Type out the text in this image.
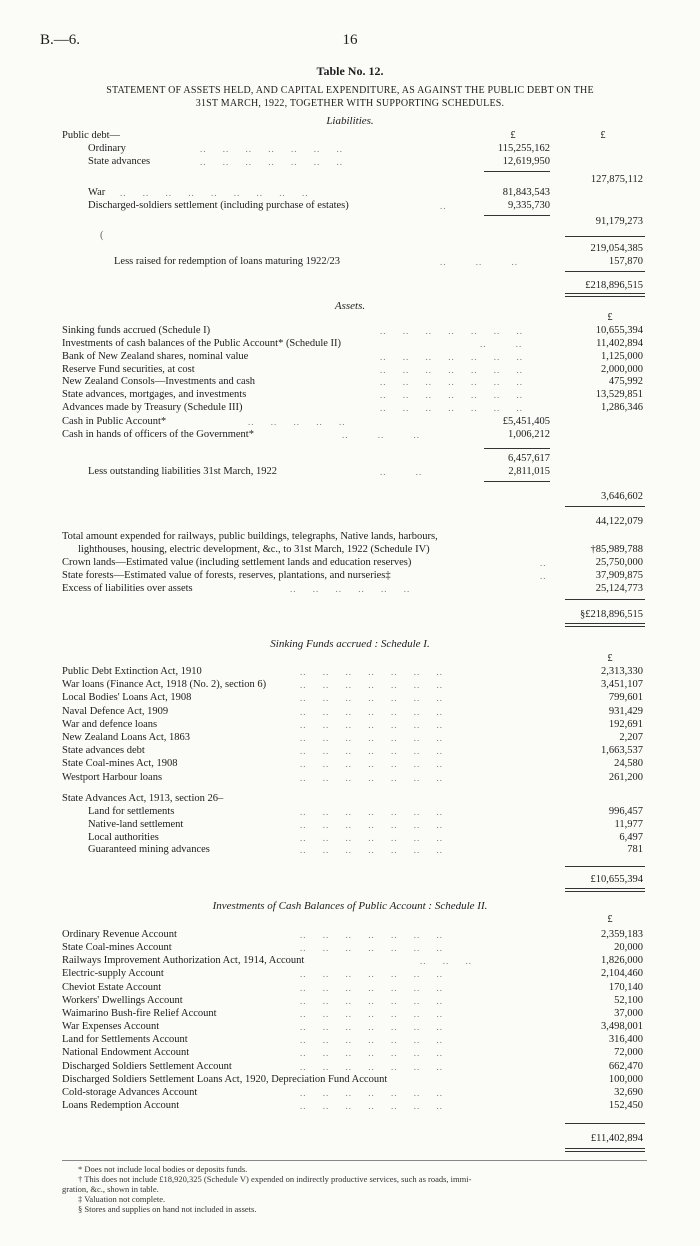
B.—6.	16
Table No. 12.
STATEMENT OF ASSETS HELD, AND CAPITAL EXPENDITURE, AS AGAINST THE PUBLIC DEBT ON THE
31ST MARCH, 1922, TOGETHER WITH SUPPORTING SCHEDULES.
Liabilities.
Public debt—	£	£
Ordinary	..     ..     ..     ..     ..     ..     ..	115,255,162
State advances	..     ..     ..     ..     ..     ..     ..	12,619,950
127,875,112
War ..     ..     ..     ..     ..     ..     ..     ..     ..	81,843,543
Discharged-soldiers settlement (including purchase of estates)	..	9,335,730
91,179,273
(
219,054,385
Less raised for redemption of loans maturing 1922/23	..         ..         ..	157,870
£218,896,515
Assets.
£
Sinking funds accrued (Schedule I)	..     ..     ..     ..     ..     ..     ..	10,655,394
Investments of cash balances of the Public Account* (Schedule II)	..         ..	11,402,894
Bank of New Zealand shares, nominal value	..     ..     ..     ..     ..     ..     ..	1,125,000
Reserve Fund securities, at cost	..     ..     ..     ..     ..     ..     ..	2,000,000
New Zealand Consols—Investments and cash	..     ..     ..     ..     ..     ..     ..	475,992
State advances, mortgages, and investments	..     ..     ..     ..     ..     ..     ..	13,529,851
Advances made by Treasury (Schedule III)	..     ..     ..     ..     ..     ..     ..	1,286,346
Cash in Public Account*	..     ..     ..     ..     ..	£5,451,405
Cash in hands of officers of the Government*	..         ..         ..	1,006,212
6,457,617
Less outstanding liabilities 31st March, 1922	..         ..	2,811,015
3,646,602
44,122,079
Total amount expended for railways, public buildings, telegraphs, Native lands, harbours,
lighthouses, housing, electric development, &c., to 31st March, 1922 (Schedule IV)	†85,989,788
Crown lands—Estimated value (including settlement lands and education reserves)	..	25,750,000
State forests—Estimated value of forests, reserves, plantations, and nurseries‡	..	37,909,875
Excess of liabilities over assets	..     ..     ..     ..     ..     ..	25,124,773
§£218,896,515
Sinking Funds accrued : Schedule I.
£
Public Debt Extinction Act, 1910	..     ..     ..     ..     ..     ..     ..	2,313,330
War loans (Finance Act, 1918 (No. 2), section 6)	..     ..     ..     ..     ..     ..     ..	3,451,107
Local Bodies' Loans Act, 1908	..     ..     ..     ..     ..     ..     ..	799,601
Naval Defence Act, 1909	..     ..     ..     ..     ..     ..     ..	931,429
War and defence loans	..     ..     ..     ..     ..     ..     ..	192,691
New Zealand Loans Act, 1863	..     ..     ..     ..     ..     ..     ..	2,207
State advances debt	..     ..     ..     ..     ..     ..     ..	1,663,537
State Coal-mines Act, 1908	..     ..     ..     ..     ..     ..     ..	24,580
Westport Harbour loans	..     ..     ..     ..     ..     ..     ..	261,200
State Advances Act, 1913, section 26–
Land for settlements	..     ..     ..     ..     ..     ..     ..	996,457
Native-land settlement	..     ..     ..     ..     ..     ..     ..	11,977
Local authorities	..     ..     ..     ..     ..     ..     ..	6,497
Guaranteed mining advances	..     ..     ..     ..     ..     ..     ..	781
£10,655,394
Investments of Cash Balances of Public Account : Schedule II.
£
Ordinary Revenue Account	..     ..     ..     ..     ..     ..     ..	2,359,183
State Coal-mines Account	..     ..     ..     ..     ..     ..     ..	20,000
Railways Improvement Authorization Act, 1914, Account	..     ..     ..	1,826,000
Electric-supply Account	..     ..     ..     ..     ..     ..     ..	2,104,460
Cheviot Estate Account	..     ..     ..     ..     ..     ..     ..	170,140
Workers' Dwellings Account	..     ..     ..     ..     ..     ..     ..	52,100
Waimarino Bush-fire Relief Account	..     ..     ..     ..     ..     ..     ..	37,000
War Expenses Account	..     ..     ..     ..     ..     ..     ..	3,498,001
Land for Settlements Account	..     ..     ..     ..     ..     ..     ..	316,400
National Endowment Account	..     ..     ..     ..     ..     ..     ..	72,000
Discharged Soldiers Settlement Account	..     ..     ..     ..     ..     ..     ..	662,470
Discharged Soldiers Settlement Loans Act, 1920, Depreciation Fund Account	100,000
Cold-storage Advances Account	..     ..     ..     ..     ..     ..     ..	32,690
Loans Redemption Account	..     ..     ..     ..     ..     ..     ..	152,450
£11,402,894
* Does not include local bodies or deposits funds.
† This does not include £18,920,325 (Schedule V) expended on indirectly productive services, such as roads, immi-
gration, &c., shown in table.
‡ Valuation not complete.
§ Stores and supplies on hand not included in assets.
